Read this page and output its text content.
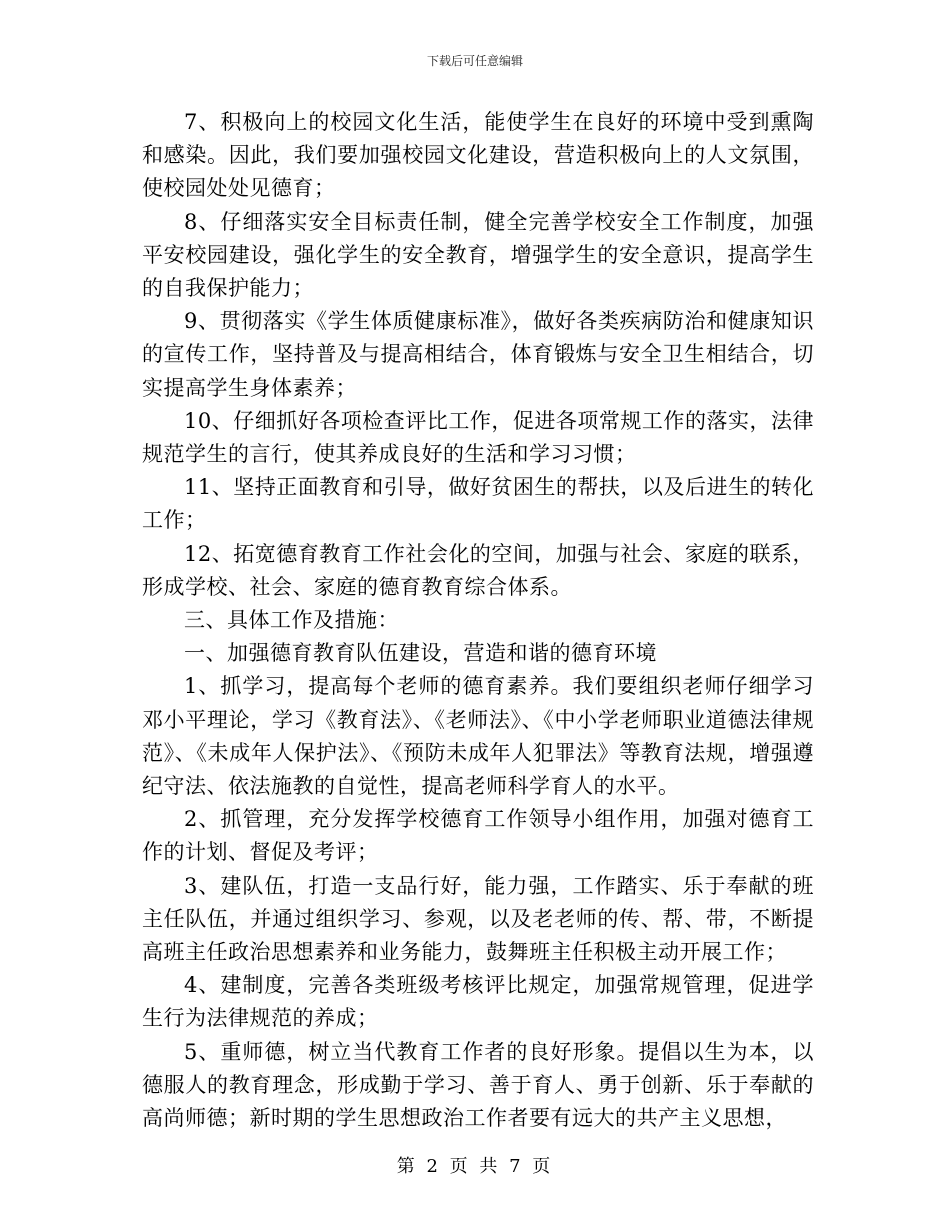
下载后可任意编辑

7、积极向上的校园文化生活，能使学生在良好的环境中受到熏陶和感染。因此，我们要加强校园文化建设，营造积极向上的人文氛围，使校园处处见德育；

8、仔细落实安全目标责任制，健全完善学校安全工作制度，加强平安校园建设，强化学生的安全教育，增强学生的安全意识，提高学生的自我保护能力；

9、贯彻落实《学生体质健康标准》，做好各类疾病防治和健康知识的宣传工作，坚持普及与提高相结合，体育锻炼与安全卫生相结合，切实提高学生身体素养；

10、仔细抓好各项检查评比工作，促进各项常规工作的落实，法律规范学生的言行，使其养成良好的生活和学习习惯；

11、坚持正面教育和引导，做好贫困生的帮扶，以及后进生的转化工作；

12、拓宽德育教育工作社会化的空间，加强与社会、家庭的联系，形成学校、社会、家庭的德育教育综合体系。

三、具体工作及措施：

一、加强德育教育队伍建设，营造和谐的德育环境

1、抓学习，提高每个老师的德育素养。我们要组织老师仔细学习邓小平理论，学习《教育法》、《老师法》、《中小学老师职业道德法律规范》、《未成年人保护法》、《预防未成年人犯罪法》等教育法规，增强遵纪守法、依法施教的自觉性，提高老师科学育人的水平。

2、抓管理，充分发挥学校德育工作领导小组作用，加强对德育工作的计划、督促及考评；

3、建队伍，打造一支品行好，能力强，工作踏实、乐于奉献的班主任队伍，并通过组织学习、参观，以及老老师的传、帮、带，不断提高班主任政治思想素养和业务能力，鼓舞班主任积极主动开展工作；

4、建制度，完善各类班级考核评比规定，加强常规管理，促进学生行为法律规范的养成；

5、重师德，树立当代教育工作者的良好形象。提倡以生为本，以德服人的教育理念，形成勤于学习、善于育人、勇于创新、乐于奉献的高尚师德；新时期的学生思想政治工作者要有远大的共产主义思想，

第 2 页 共 7 页
